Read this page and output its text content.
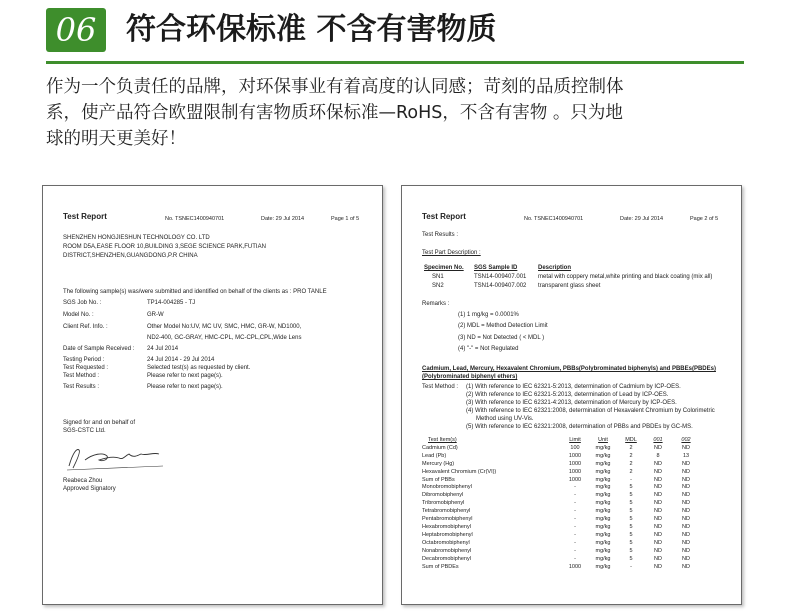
06 符合环保标准 不含有害物质

作为一个负责任的品牌，对环保事业有着高度的认同感；苛刻的品质控制体

系，使产品符合欧盟限制有害物质环保标准—RoHS，不含有害物 。只为地

球的明天更美好！

Test Report	No. TSNEC1400940701	Date: 29 Jul 2014	Page 1 of 5
SHENZHEN HONGJIESHUN TECHNOLOGY CO. LTD
ROOM D5A,EASE FLOOR 10,BUILDING 3,SEGE SCIENCE PARK,FUTIAN
DISTRICT,SHENZHEN,GUANGDONG,P.R CHINA
The following sample(s) was/were submitted and identified on behalf of the clients as : PRO TANLE
SGS Job No. :	TP14-004285 - TJ
Model No. :	GR-W
Client Ref. Info. :	Other Model No:UV, MC UV, SMC, HMC, GR-W, ND1000,
ND2-400, GC-GRAY, HMC-CPL, MC-CPL,CPL,Wide Lens
Date of Sample Received : 24 Jul 2014
Testing Period :	24 Jul 2014 - 29 Jul 2014
Test Requested :	Selected test(s) as requested by client.
Test Method :	Please refer to next page(s).
Test Results :	Please refer to next page(s).
Signed for and on behalf of
SGS-CSTC Ltd.
Reabeca Zhou
Approved Signatory
Test Report	No. TSNEC1400940701	Date: 29 Jul 2014	Page 2 of 5
Test Results :
Test Part Description :
Specimen No. SGS Sample ID	Description
SN1	TSN14-009407.001 metal with coppery metal,white printing and black coating (mix all)
SN2	TSN14-009407.002 transparent glass sheet
Remarks :
(1) 1 mg/kg = 0.0001%
(2) MDL = Method Detection Limit
(3) ND = Not Detected ( < MDL )
(4) "-" = Not Regulated
Cadmium, Lead, Mercury, Hexavalent Chromium, PBBs(Polybrominated biphenyls) and PBBEs(PBDEs)
(Polybrominated biphenyl ethers)
Test Method : (1) With reference to IEC 62321-5:2013, determination of Cadmium by ICP-OES.
(2) With reference to IEC 62321-5:2013, determination of Lead by ICP-OES.
(3) With reference to IEC 62321-4:2013, determination of Mercury by ICP-OES.
(4) With reference to IEC 62321:2008, determination of Hexavalent Chromium by Colorimetric
Method using UV-Vis.
(5) With reference to IEC 62321:2008, determination of PBBs and PBDEs by GC-MS.
Test Item(s)	Limit	Unit	MDL	001	002
Cadmium (Cd)	100	mg/kg	2	ND	ND
Lead (Pb)	1000	mg/kg	2	8	13
Mercury (Hg)	1000	mg/kg	2	ND	ND
Hexavalent Chromium (Cr(VI))	1000	mg/kg	2	ND	ND
Sum of PBBs	1000	mg/kg	-	ND	ND
Monobromobiphenyl	-	mg/kg	5	ND	ND
Dibromobiphenyl	-	mg/kg	5	ND	ND
Tribromobiphenyl	-	mg/kg	5	ND	ND
Tetrabromobiphenyl	-	mg/kg	5	ND	ND
Pentabromobiphenyl	-	mg/kg	5	ND	ND
Hexabromobiphenyl	-	mg/kg	5	ND	ND
Heptabromobiphenyl	-	mg/kg	5	ND	ND
Octabromobiphenyl	-	mg/kg	5	ND	ND
Nonabromobiphenyl	-	mg/kg	5	ND	ND
Decabromobiphenyl	-	mg/kg	5	ND	ND
Sum of PBDEs	1000	mg/kg	-	ND	ND
